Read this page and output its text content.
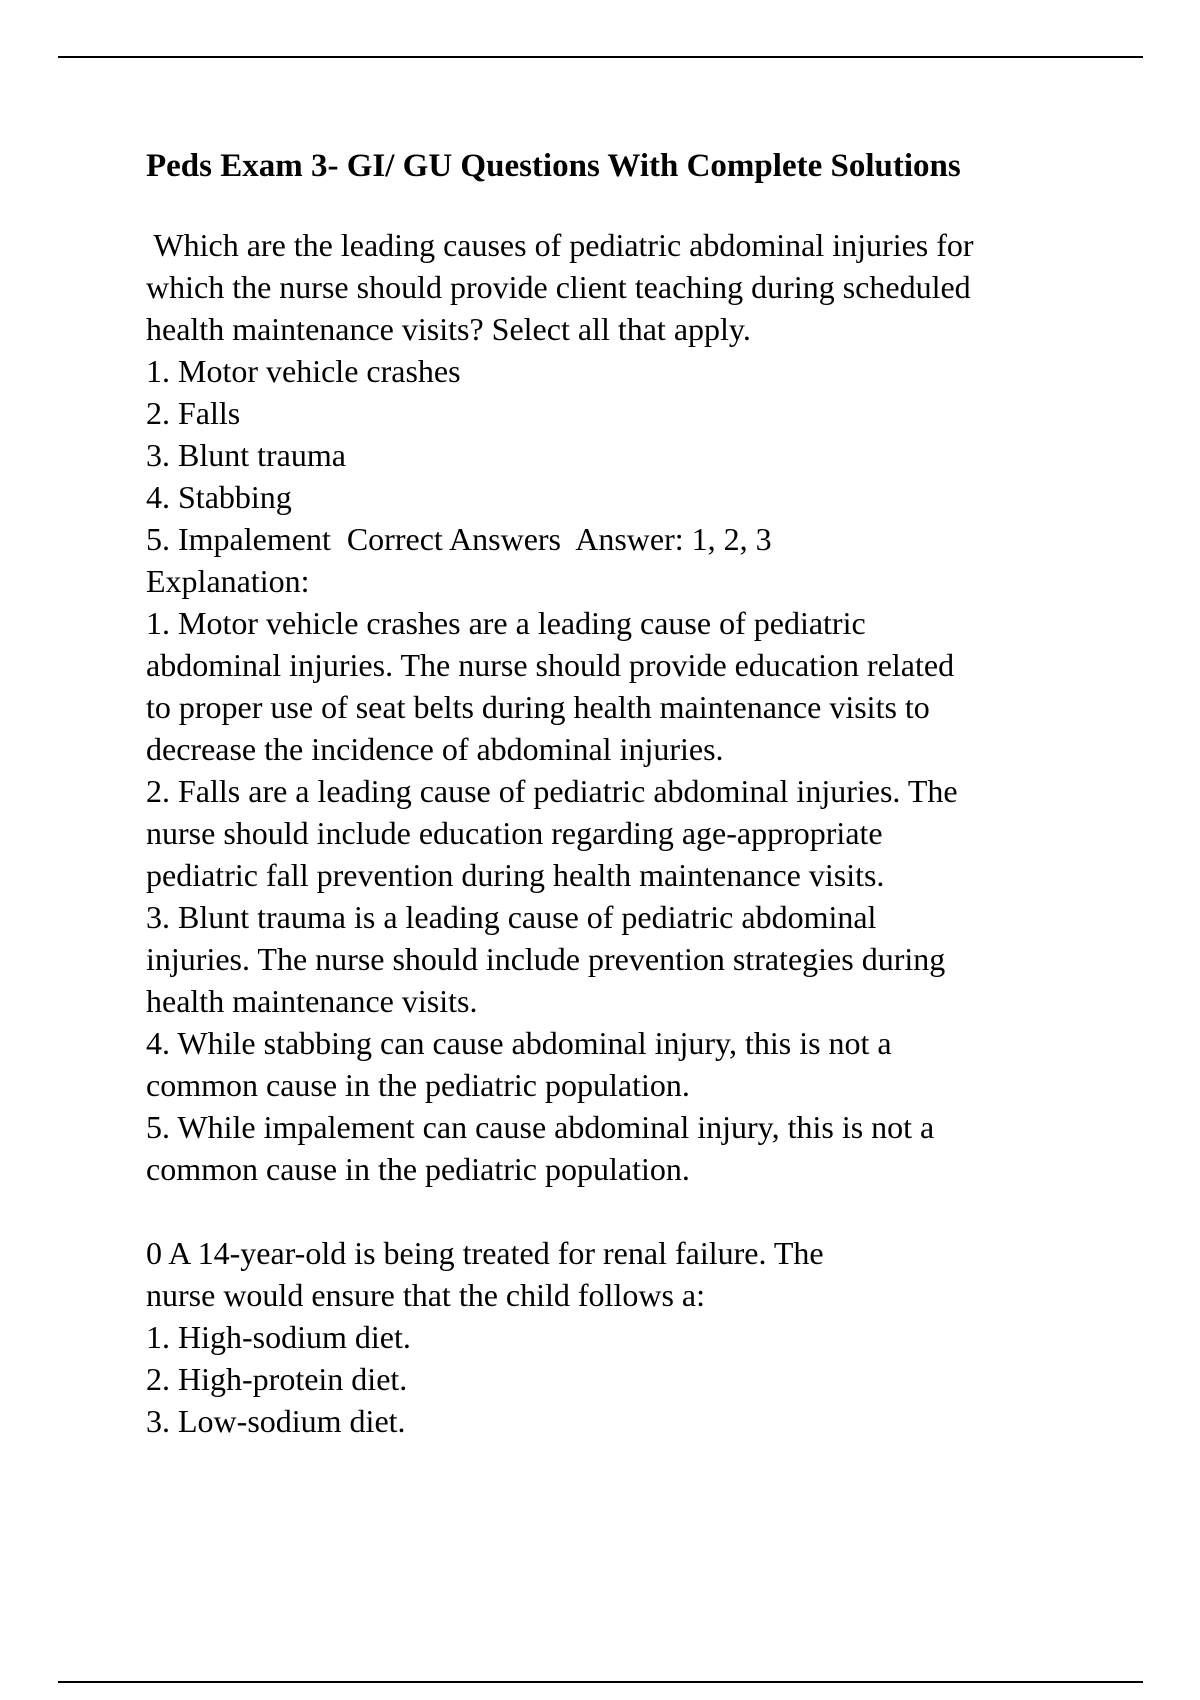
Peds Exam 3- GI/ GU Questions With Complete Solutions
Which are the leading causes of pediatric abdominal injuries for
which the nurse should provide client teaching during scheduled
health maintenance visits? Select all that apply.
1. Motor vehicle crashes
2. Falls
3. Blunt trauma
4. Stabbing
5. Impalement  Correct Answers  Answer: 1, 2, 3
Explanation:
1. Motor vehicle crashes are a leading cause of pediatric
abdominal injuries. The nurse should provide education related
to proper use of seat belts during health maintenance visits to
decrease the incidence of abdominal injuries.
2. Falls are a leading cause of pediatric abdominal injuries. The
nurse should include education regarding age-appropriate
pediatric fall prevention during health maintenance visits.
3. Blunt trauma is a leading cause of pediatric abdominal
injuries. The nurse should include prevention strategies during
health maintenance visits.
4. While stabbing can cause abdominal injury, this is not a
common cause in the pediatric population.
5. While impalement can cause abdominal injury, this is not a
common cause in the pediatric population.
0 A 14-year-old is being treated for renal failure. The
nurse would ensure that the child follows a:
1. High-sodium diet.
2. High-protein diet.
3. Low-sodium diet.
